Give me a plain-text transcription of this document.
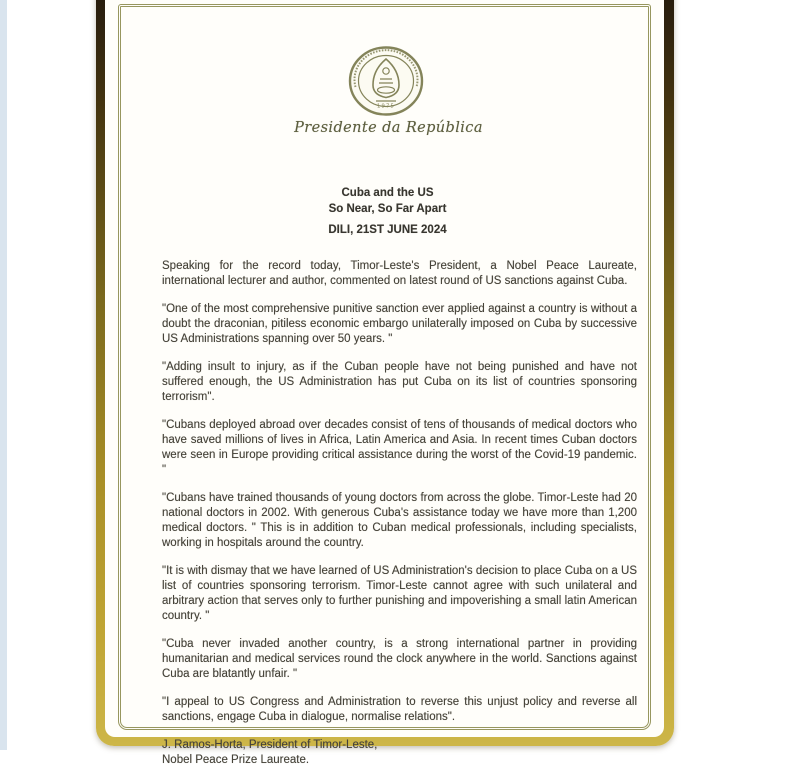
1975
Presidente da República
Cuba and the US
So Near, So Far Apart
DILI, 21ST JUNE 2024

Speaking for the record today, Timor-Leste's President, a Nobel Peace Laureate, international lecturer and author, commented on latest round of US sanctions against Cuba.

"One of the most comprehensive punitive sanction ever applied against a country is without a doubt the draconian, pitiless economic embargo unilaterally imposed on Cuba by successive US Administrations spanning over 50 years. "

"Adding insult to injury, as if the Cuban people have not being punished and have not suffered enough, the US Administration has put Cuba on its list of countries sponsoring terrorism".

"Cubans deployed abroad over decades consist of tens of thousands of medical doctors who have saved millions of lives in Africa, Latin America and Asia. In recent times Cuban doctors were seen in Europe providing critical assistance during the worst of the Covid-19 pandemic. "

"Cubans have trained thousands of young doctors from across the globe. Timor-Leste had 20 national doctors in 2002. With generous Cuba's assistance today we have more than 1,200 medical doctors. " This is in addition to Cuban medical professionals, including specialists, working in hospitals around the country.

"It is with dismay that we have learned of US Administration's decision to place Cuba on a US list of countries sponsoring terrorism. Timor-Leste cannot agree with such unilateral and arbitrary action that serves only to further punishing and impoverishing a small latin American country. "

"Cuba never invaded another country, is a strong international partner in providing humanitarian and medical services round the clock anywhere in the world. Sanctions against Cuba are blatantly unfair. "

"I appeal to US Congress and Administration to reverse this unjust policy and reverse all sanctions, engage Cuba in dialogue, normalise relations".

J. Ramos-Horta, President of Timor-Leste,
Nobel Peace Prize Laureate.
